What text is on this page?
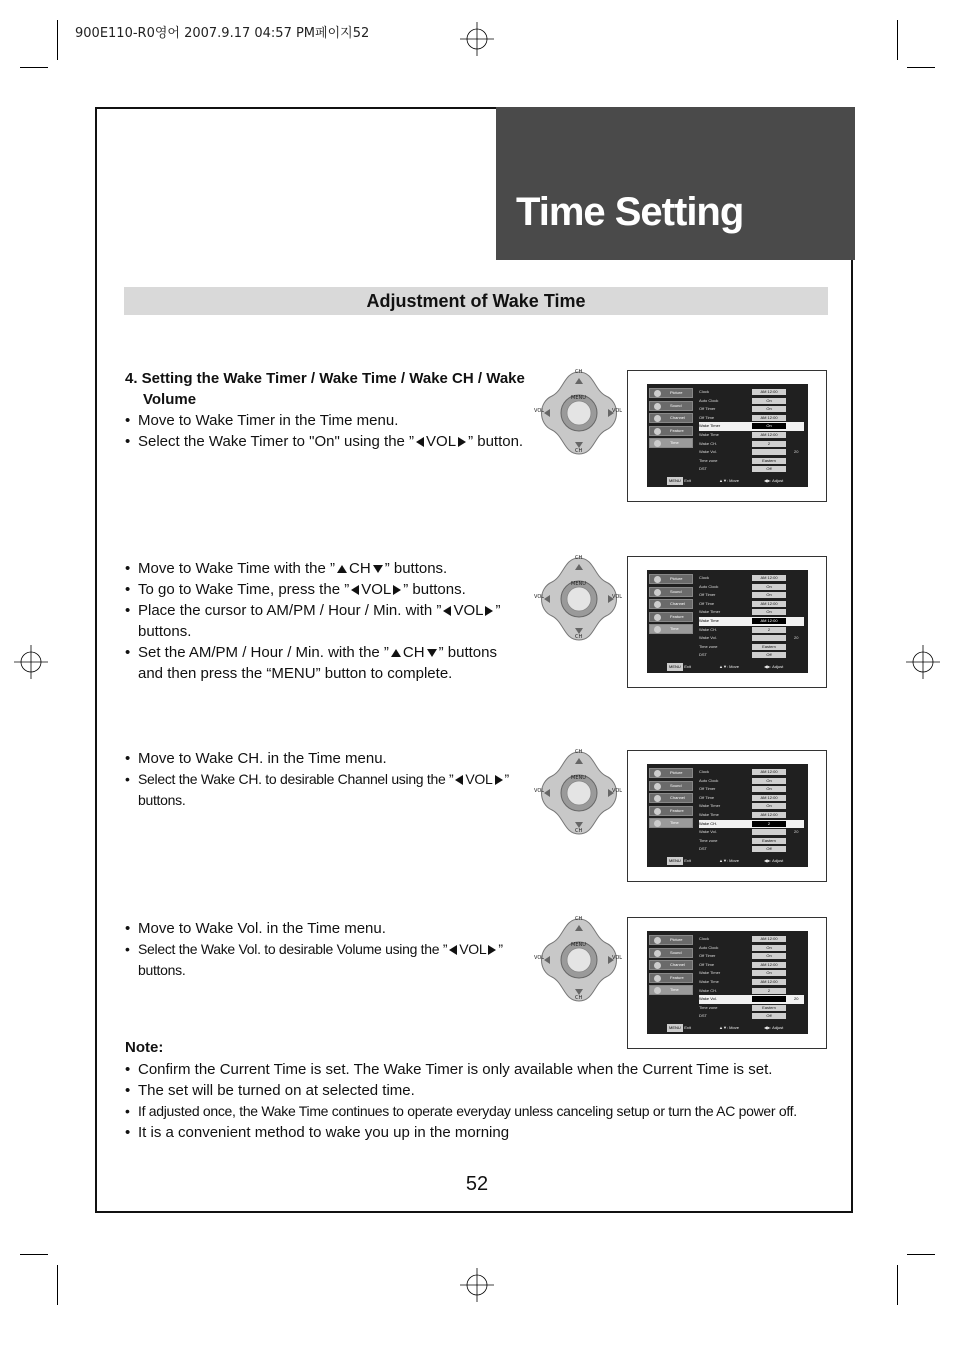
900E110-R0영어 2007.9.17 04:57 PM페이지52
Time Setting
Adjustment of Wake Time
4. Setting the Wake Timer / Wake Time / Wake CH / Wake
Volume
• Move to Wake Timer in the Time menu.
• Select the Wake Timer to "On" using the ” VOL ” button.
• Move to Wake Time with the ” CH ” buttons.
• To go to Wake Time, press the ” VOL ” buttons.
• Place the cursor to AM/PM / Hour / Min. with ” VOL ”
buttons.
• Set the AM/PM / Hour / Min. with the ” CH ” buttons
and then press the “MENU” button to complete.
• Move to Wake CH. in the Time menu.
• Select the Wake CH. to desirable Channel using the ” VOL ”
buttons.
• Move to Wake Vol. in the Time menu.
• Select the Wake Vol. to desirable Volume using the ” VOL ”
buttons.
CH
CH
VOL	VOL
MENU
CH
CH
VOL	VOL
MENU
CH
CH
VOL	VOL
MENU
CH
CH
VOL	VOL
MENU
Picture
Sound
Channel
Feature
Time
Clock	AM 12:00
Auto Clock	On
Off Timer	On
Off Time	AM 12:00
Wake Timer	On
Wake Time	AM 12:00
Wake CH.	2
Wake Vol.	20
Time zone	Eastern
DST	Off
MENU : Exit	▲▼: Move	◀▶: Adjust
Picture
Sound
Channel
Feature
Time
Clock	AM 12:00
Auto Clock	On
Off Timer	On
Off Time	AM 12:00
Wake Timer	On
Wake Time	AM 12:00
Wake CH.	2
Wake Vol.	20
Time zone	Eastern
DST	Off
MENU : Exit	▲▼: Move	◀▶: Adjust
Picture
Sound
Channel
Feature
Time
Clock	AM 12:00
Auto Clock	On
Off Timer	On
Off Time	AM 12:00
Wake Timer	On
Wake Time	AM 12:00
Wake CH.	2
Wake Vol.	20
Time zone	Eastern
DST	Off
MENU : Exit	▲▼: Move	◀▶: Adjust
Picture
Sound
Channel
Feature
Time
Clock	AM 12:00
Auto Clock	On
Off Timer	On
Off Time	AM 12:00
Wake Timer	On
Wake Time	AM 12:00
Wake CH.	2
Wake Vol.	20
Time zone	Eastern
DST	Off
MENU : Exit	▲▼: Move	◀▶: Adjust
Note:
• Confirm the Current Time is set. The Wake Timer is only available when the Current Time is set.
• The set will be turned on at selected time.
• If adjusted once, the Wake Time continues to operate everyday unless canceling setup or turn the AC power off.
• It is a convenient method to wake you up in the morning
52
